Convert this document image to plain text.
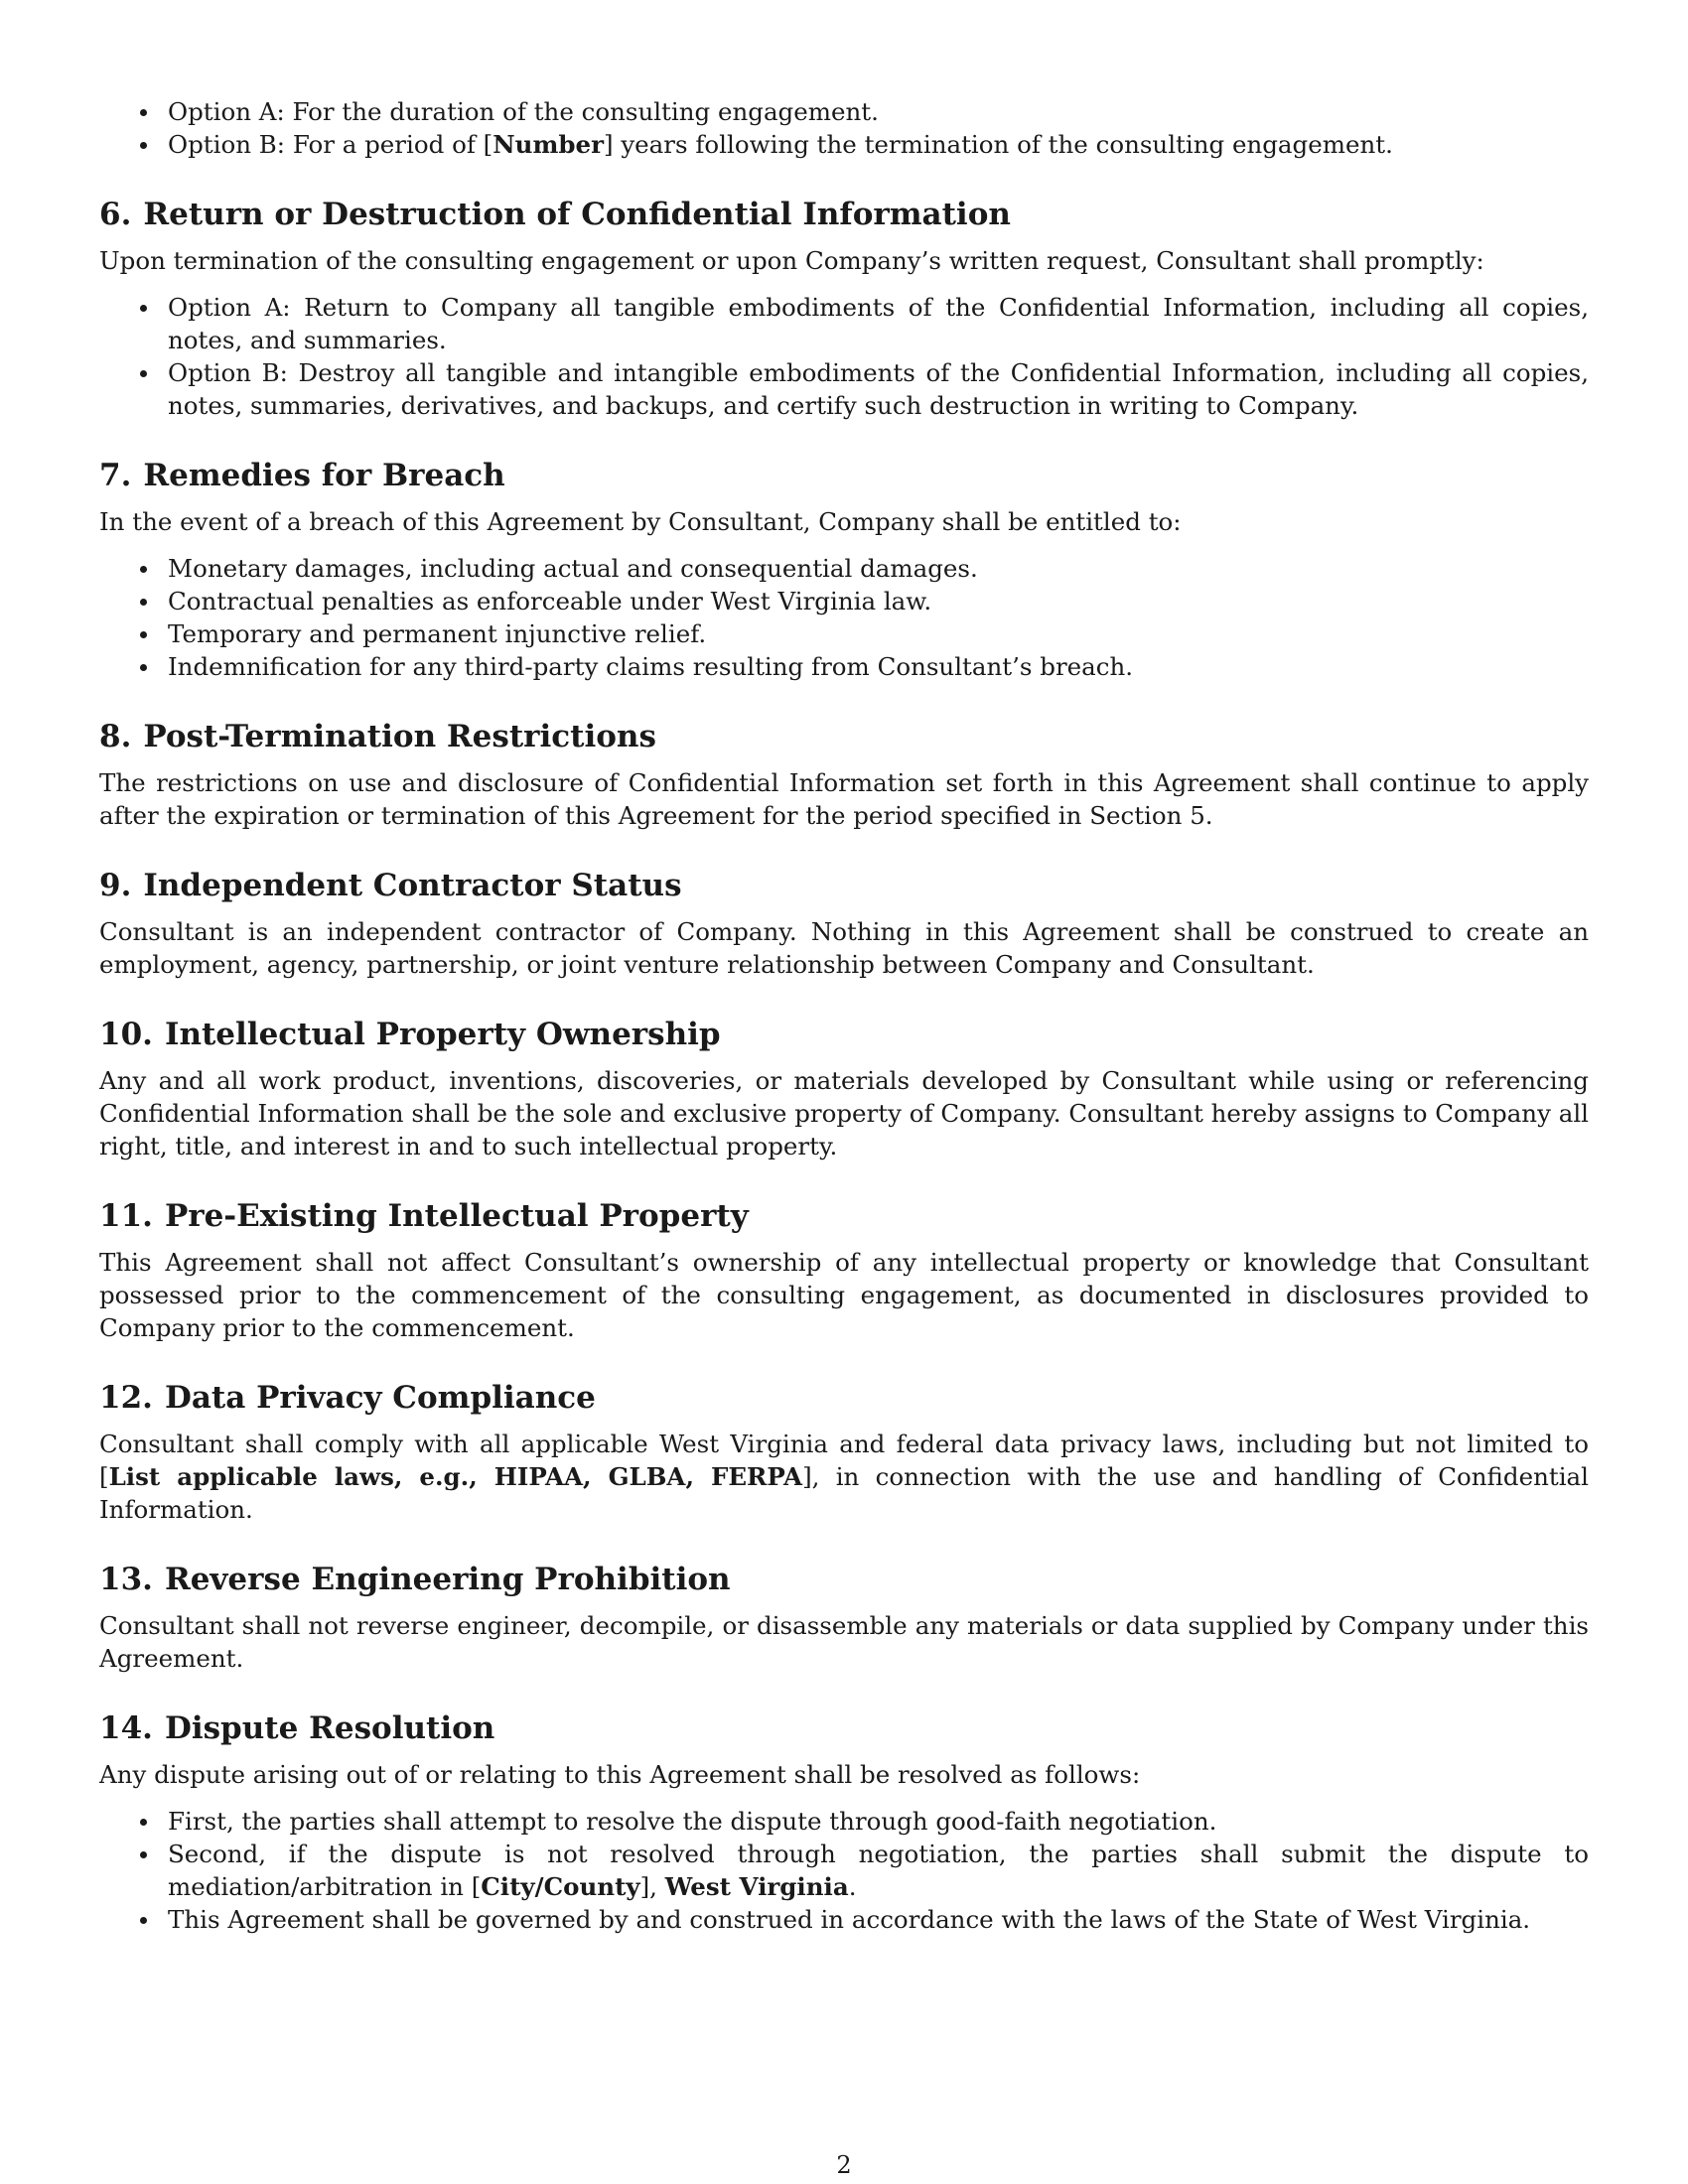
Option A: For the duration of the consulting engagement.
Option B: For a period of [Number] years following the termination of the consulting engagement.
6. Return or Destruction of Confidential Information

Upon termination of the consulting engagement or upon Company’s written request, Consultant shall promptly:

Option A: Return to Company all tangible embodiments of the Confidential Information, including all copies, notes, and summaries.
Option B: Destroy all tangible and intangible embodiments of the Confidential Information, including all copies, notes, summaries, derivatives, and backups, and certify such destruction in writing to Company.
7. Remedies for Breach

In the event of a breach of this Agreement by Consultant, Company shall be entitled to:

Monetary damages, including actual and consequential damages.
Contractual penalties as enforceable under West Virginia law.
Temporary and permanent injunctive relief.
Indemnification for any third-party claims resulting from Consultant’s breach.
8. Post-Termination Restrictions

The restrictions on use and disclosure of Confidential Information set forth in this Agreement shall continue to apply after the expiration or termination of this Agreement for the period specified in Section 5.

9. Independent Contractor Status

Consultant is an independent contractor of Company. Nothing in this Agreement shall be construed to create an employment, agency, partnership, or joint venture relationship between Company and Consultant.

10. Intellectual Property Ownership

Any and all work product, inventions, discoveries, or materials developed by Consultant while using or referencing Confidential Information shall be the sole and exclusive property of Company. Consultant hereby assigns to Company all right, title, and interest in and to such intellectual property.

11. Pre-Existing Intellectual Property

This Agreement shall not affect Consultant’s ownership of any intellectual property or knowledge that Consultant possessed prior to the commencement of the consulting engagement, as documented in disclosures provided to Company prior to the commencement.

12. Data Privacy Compliance

Consultant shall comply with all applicable West Virginia and federal data privacy laws, including but not limited to [List applicable laws, e.g., HIPAA, GLBA, FERPA], in connection with the use and handling of Confidential Information.

13. Reverse Engineering Prohibition

Consultant shall not reverse engineer, decompile, or disassemble any materials or data supplied by Company under this Agreement.

14. Dispute Resolution

Any dispute arising out of or relating to this Agreement shall be resolved as follows:

First, the parties shall attempt to resolve the dispute through good-faith negotiation.
Second, if the dispute is not resolved through negotiation, the parties shall submit the dispute to mediation/arbitration in [City/County], West Virginia.
This Agreement shall be governed by and construed in accordance with the laws of the State of West Virginia.
2
